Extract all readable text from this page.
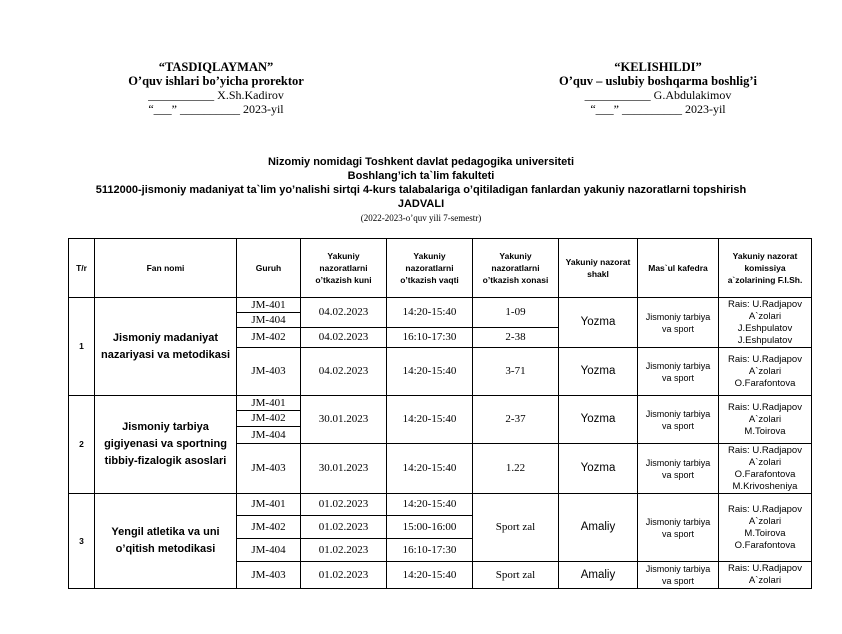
“TASDIQLAYMAN”
O’quv ishlari bo’yicha prorektor
___________ X.Sh.Kadirov
“___” __________ 2023-yil
“KELISHILDI”
O’quv – uslubiy boshqarma boshlig’i
___________ G.Abdulakimov
“___” __________ 2023-yil
Nizomiy nomidagi Toshkent davlat pedagogika universiteti
Boshlang’ich ta`lim fakulteti
5112000-jismoniy madaniyat ta`lim yo’nalishi sirtqi 4-kurs talabalariga o’qitiladigan fanlardan yakuniy nazoratlarni topshirish
JADVALI
(2022-2023-o’quv yili 7-semestr)
T/r	Fan nomi	Guruh	Yakuniy nazoratlarni o’tkazish kuni	Yakuniy nazoratlarni o’tkazish vaqti	Yakuniy nazoratlarni o’tkazish xonasi	Yakuniy nazorat shakl	Mas`ul kafedra	Yakuniy nazorat komissiya a`zolarining F.I.Sh.
1	Jismoniy madaniyat nazariyasi va metodikasi	JM-401	04.02.2023	14:20-15:40	1-09	Yozma	Jismoniy tarbiya va sport	Rais: U.Radjapov
A`zolari
J.Eshpulatov
J.Eshpulatov

		JM-404						
		JM-402	04.02.2023	16:10-17:30	2-38			
		JM-403	04.02.2023	14:20-15:40	3-71	Yozma	Jismoniy tarbiya va sport	Rais: U.Radjapov
A`zolari
O.Farafontova

2	Jismoniy tarbiya gigiyenasi va sportning tibbiy-fizalogik asoslari	JM-401	30.01.2023	14:20-15:40	2-37	Yozma	Jismoniy tarbiya va sport	Rais: U.Radjapov
A`zolari
M.Toirova

		JM-402						
		JM-404						
		JM-403	30.01.2023	14:20-15:40	1.22	Yozma	Jismoniy tarbiya va sport	Rais: U.Radjapov
A`zolari
O.Farafontova
M.Krivosheniya

3	Yengil atletika va uni o’qitish metodikasi	JM-401	01.02.2023	14:20-15:40	Sport zal	Amaliy	Jismoniy tarbiya va sport	Rais: U.Radjapov
A`zolari
M.Toirova
O.Farafontova

		JM-402	01.02.2023	15:00-16:00				
		JM-404	01.02.2023	16:10-17:30				
		JM-403	01.02.2023	14:20-15:40	Sport zal	Amaliy	Jismoniy tarbiya va sport	Rais: U.Radjapov
A`zolari
